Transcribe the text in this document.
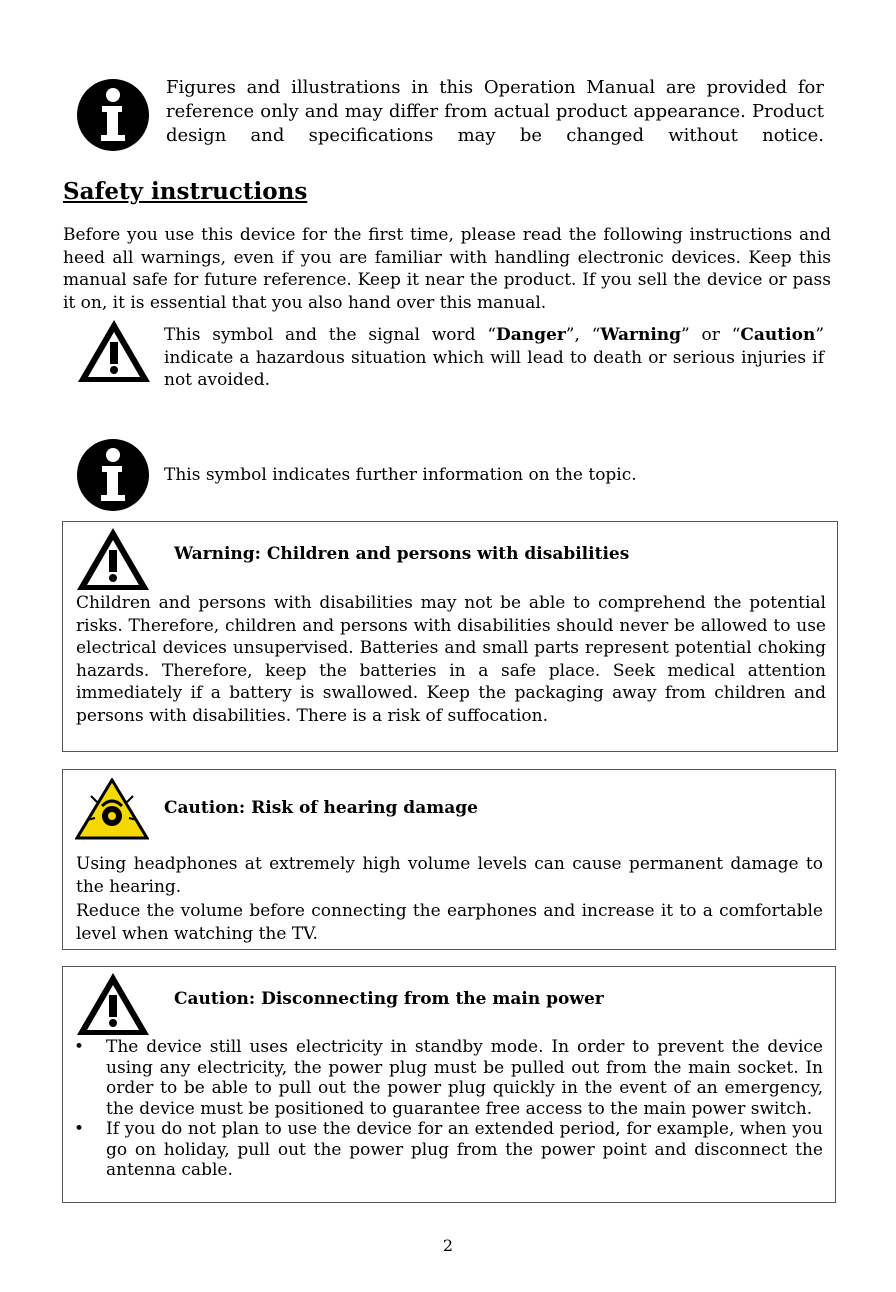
Figures and illustrations in this Operation Manual are provided for reference only and may differ from actual product appearance. Product design and specifications may be changed without notice.

Safety instructions

Before you use this device for the first time, please read the following instructions and heed all warnings, even if you are familiar with handling electronic devices. Keep this manual safe for future reference. Keep it near the product. If you sell the device or pass it on, it is essential that you also hand over this manual.

This symbol and the signal word “Danger”, “Warning” or “Caution” indicate a hazardous situation which will lead to death or serious injuries if not avoided.

This symbol indicates further information on the topic.

Warning: Children and persons with disabilities

Children and persons with disabilities may not be able to comprehend the potential risks. Therefore, children and persons with disabilities should never be allowed to use electrical devices unsupervised. Batteries and small parts represent potential choking hazards. Therefore, keep the batteries in a safe place. Seek medical attention immediately if a battery is swallowed. Keep the packaging away from children and persons with disabilities. There is a risk of suffocation.

Caution: Risk of hearing damage

Using headphones at extremely high volume levels can cause permanent damage to the hearing.

Reduce the volume before connecting the earphones and increase it to a comfortable level when watching the TV.

Caution: Disconnecting from the main power
• The device still uses electricity in standby mode. In order to prevent the device using any electricity, the power plug must be pulled out from the main socket. In order to be able to pull out the power plug quickly in the event of an emergency, the device must be positioned to guarantee free access to the main power switch.
• If you do not plan to use the device for an extended period, for example, when you go on holiday, pull out the power plug from the power point and disconnect the antenna cable.
2
